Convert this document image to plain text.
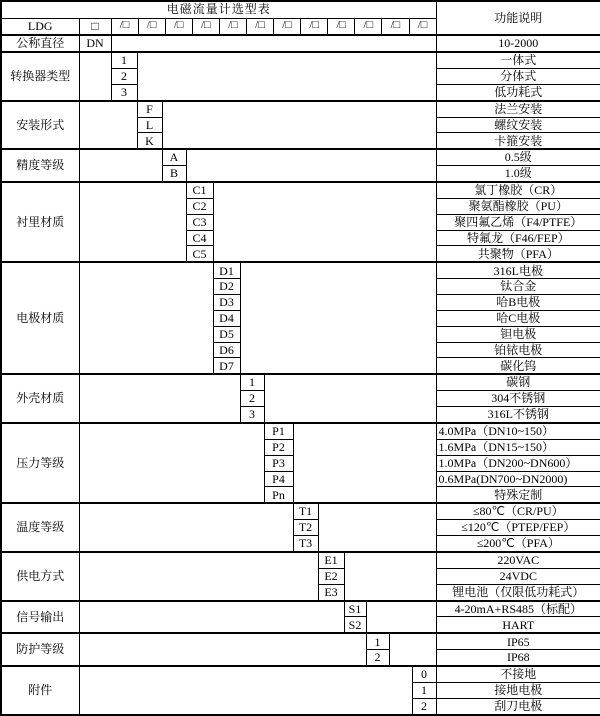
电磁流量计选型表															功能说明
LDG	□	/□	/□	/□	/□	/□	/□	/□	/□	/□	/□	/□	/□

公称直径	DN														10-2000
转换器类型		1													一体式
		2													分体式
		3													低功耗式
安装形式			F												法兰安装
			L												螺纹安装
			K												卡箍安装
精度等级				A											0.5级
				B											1.0级
衬里材质					C1										氯丁橡胶（CR）
					C2										聚氨酯橡胶（PU）
					C3										聚四氟乙烯（F4/PTFE）
					C4										特氟龙（F46/FEP）
					C5										共聚物（PFA）
电极材质						D1									316L电极
						D2									钛合金
						D3									哈B电极
						D4									哈C电极
						D5									钽电极
						D6									铂铱电极
						D7									碳化钨
外壳材质							1								碳钢
							2								304不锈钢
							3								316L不锈钢
压力等级								P1							4.0MPa（DN10~150）
								P2							1.6MPa（DN15~150）
								P3							1.0MPa（DN200~DN600）
								P4							0.6MPa(DN700~DN2000)
								Pn							特殊定制
温度等级									T1						≤80℃（CR/PU）
									T2						≤120℃（PTEP/FEP）
									T3						≤200℃（PFA）
供电方式										E1					220VAC
										E2					24VDC
										E3					锂电池（仅限低功耗式）
信号输出											S1				4-20mA+RS485（标配）
											S2				HART
防护等级												1			IP65
												2			IP68
附件														0	不接地
														1	接地电极
														2	刮刀电极
